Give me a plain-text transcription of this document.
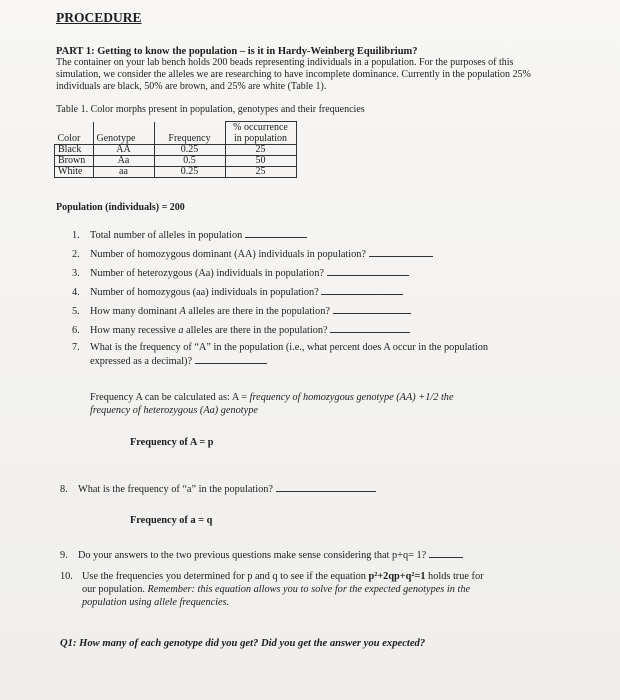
PROCEDURE
PART 1: Getting to know the population – is it in Hardy-Weinberg Equilibrium?
The container on your lab bench holds 200 beads representing individuals in a population. For the purposes of this simulation, we consider the alleles we are researching to have incomplete dominance. Currently in the population 25% individuals are black, 50% are brown, and 25% are white (Table 1).
Table 1. Color morphs present in population, genotypes and their frequencies
Color	Genotype	Frequency	% occurrence in population
Black	AA	0.25	25
Brown	Aa	0.5	50
White	aa	0.25	25
Population (individuals) = 200
1. Total number of alleles in population
2. Number of homozygous dominant (AA) individuals in population?
3. Number of heterozygous (Aa) individuals in population?
4. Number of homozygous (aa) individuals in population?
5. How many dominant A alleles are there in the population?
6. How many recessive a alleles are there in the population?
7. What is the frequency of “A” in the population (i.e., what percent does A occur in the population
expressed as a decimal)?
Frequency A can be calculated as: A = frequency of homozygous genotype (AA) +1/2 the
frequency of heterozygous (Aa) genotype
Frequency of A = p
8. What is the frequency of “a” in the population?
Frequency of a = q
9. Do your answers to the two previous questions make sense considering that p+q= 1?
10. Use the frequencies you determined for p and q to see if the equation p²+2qp+q²=1 holds true for
our population. Remember: this equation allows you to solve for the expected genotypes in the
population using allele frequencies.
Q1: How many of each genotype did you get? Did you get the answer you expected?
